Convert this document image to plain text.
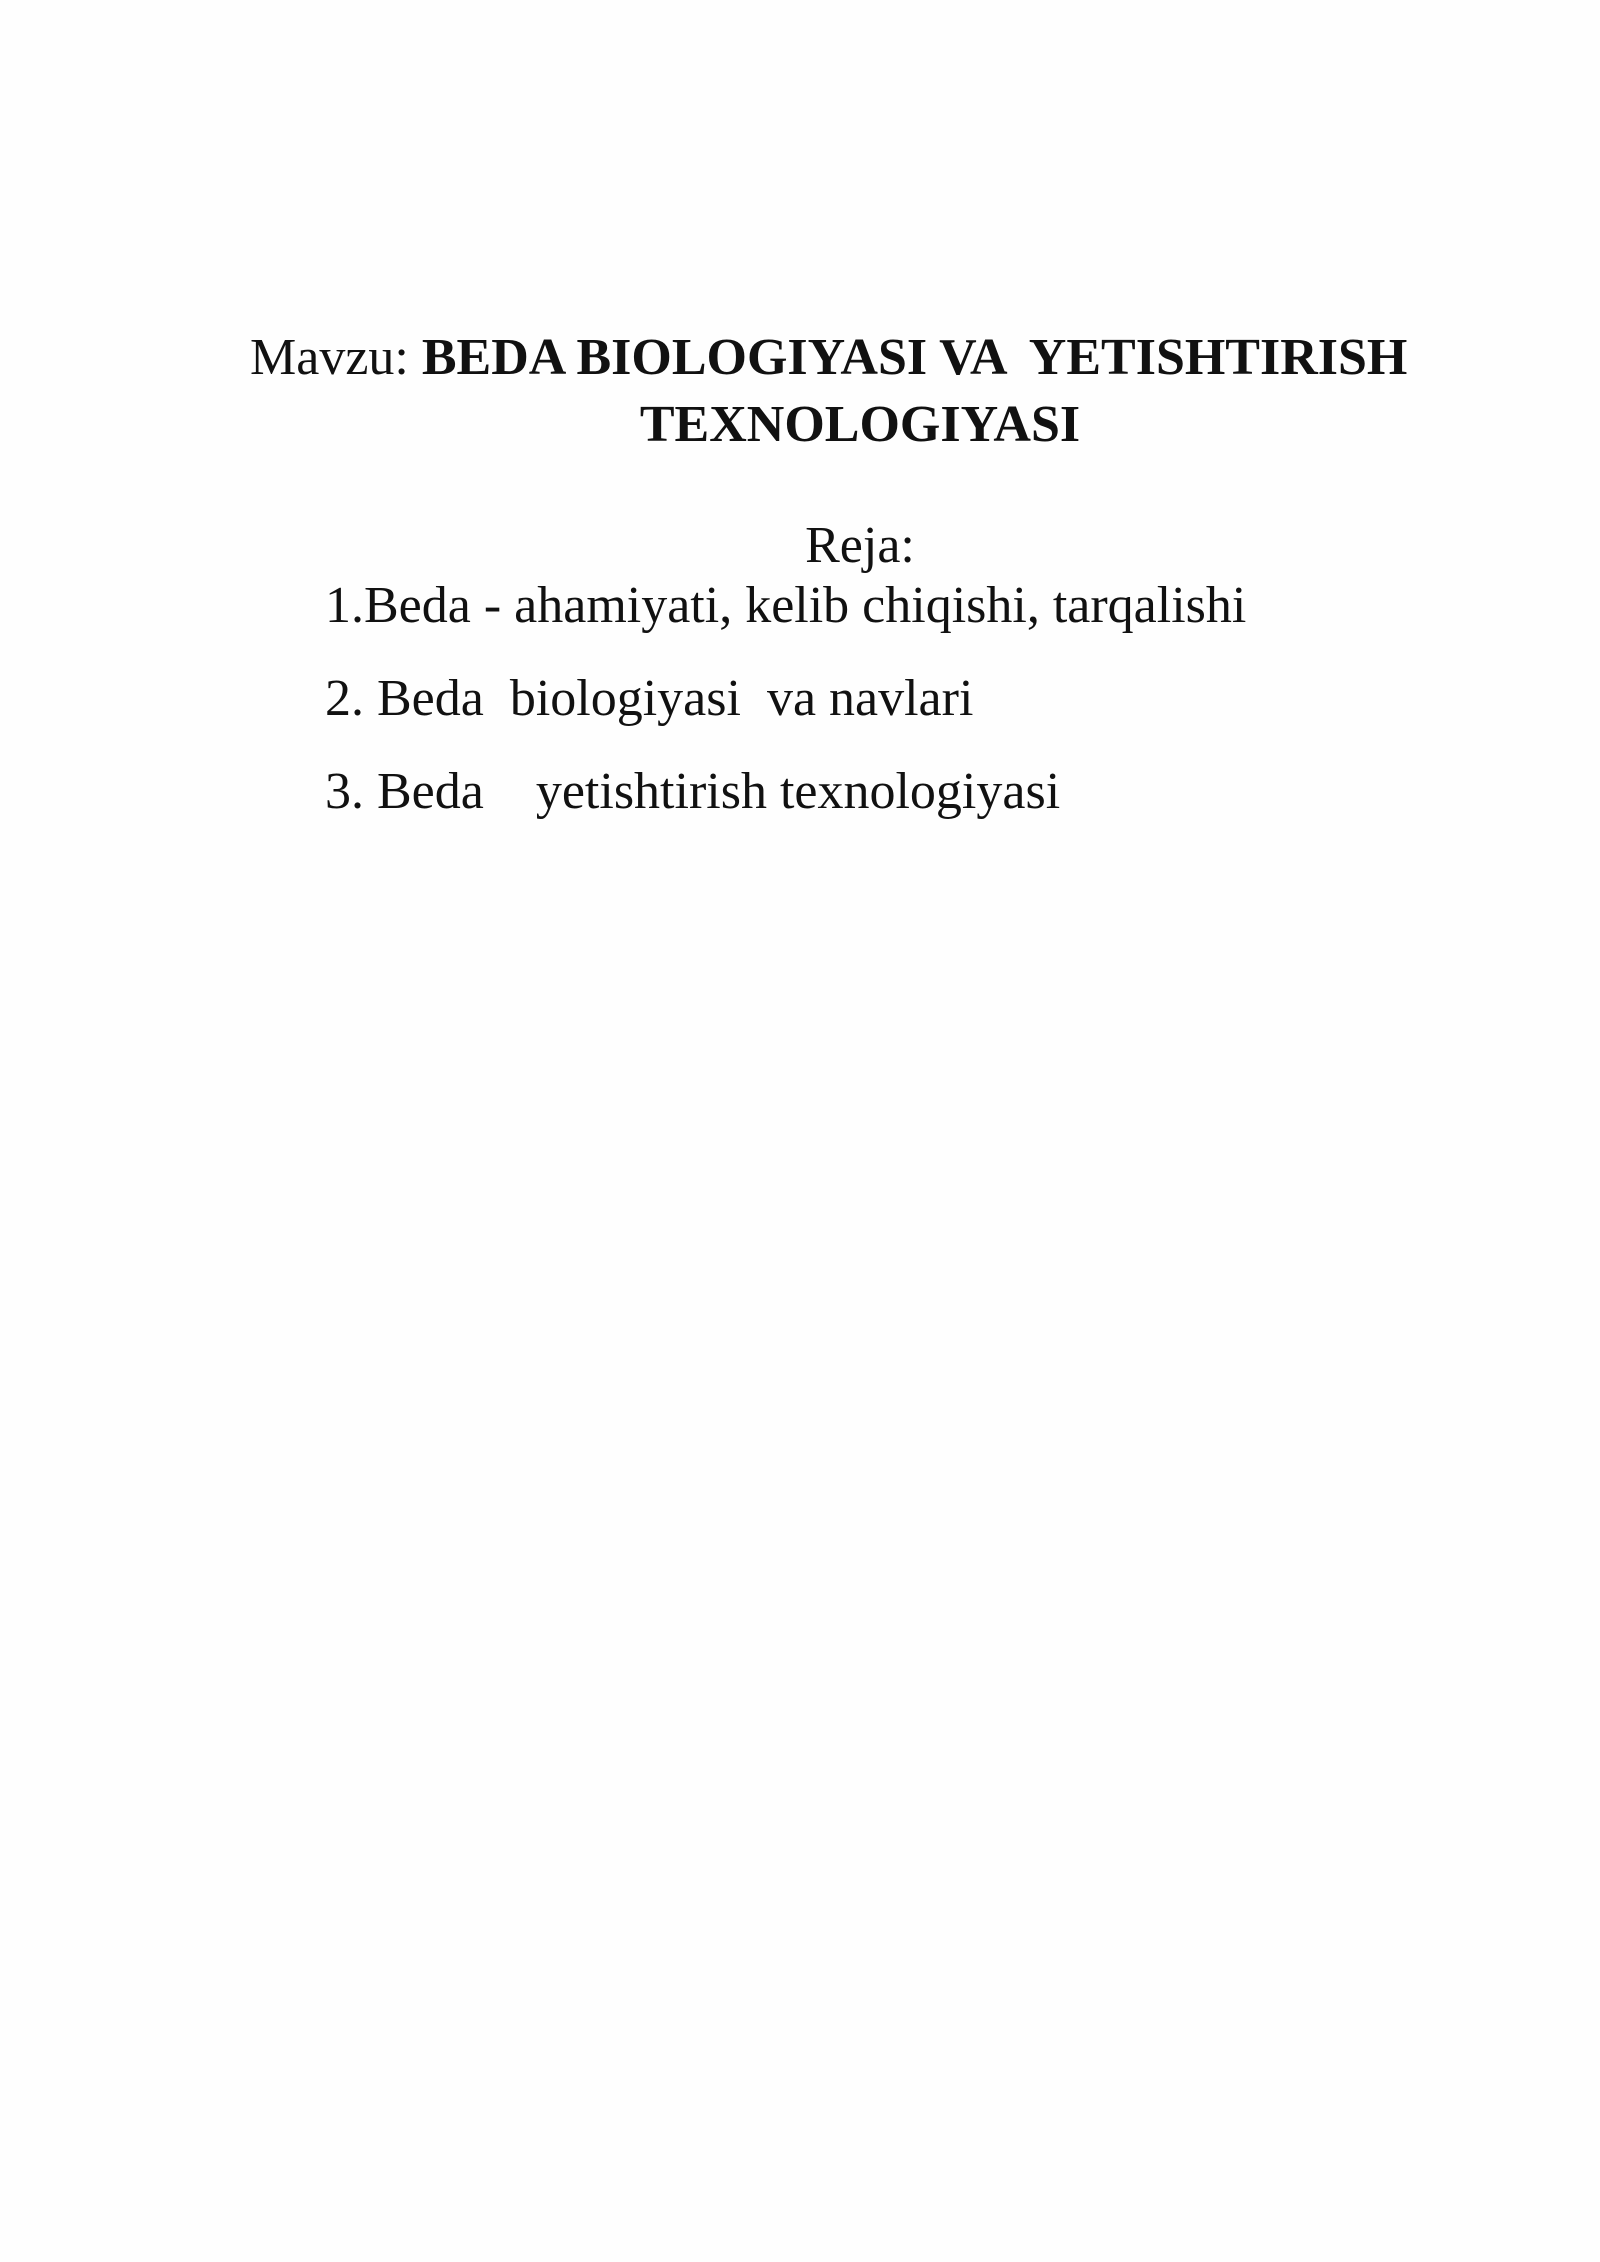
Mavzu: BEDA BIOLOGIYASI VA  YETISHTIRISH
TEXNOLOGIYASI
Reja:
1.Beda - ahamiyati, kelib chiqishi, tarqalishi
2. Beda  biologiyasi  va navlari
3. Beda    yetishtirish texnologiyasi
